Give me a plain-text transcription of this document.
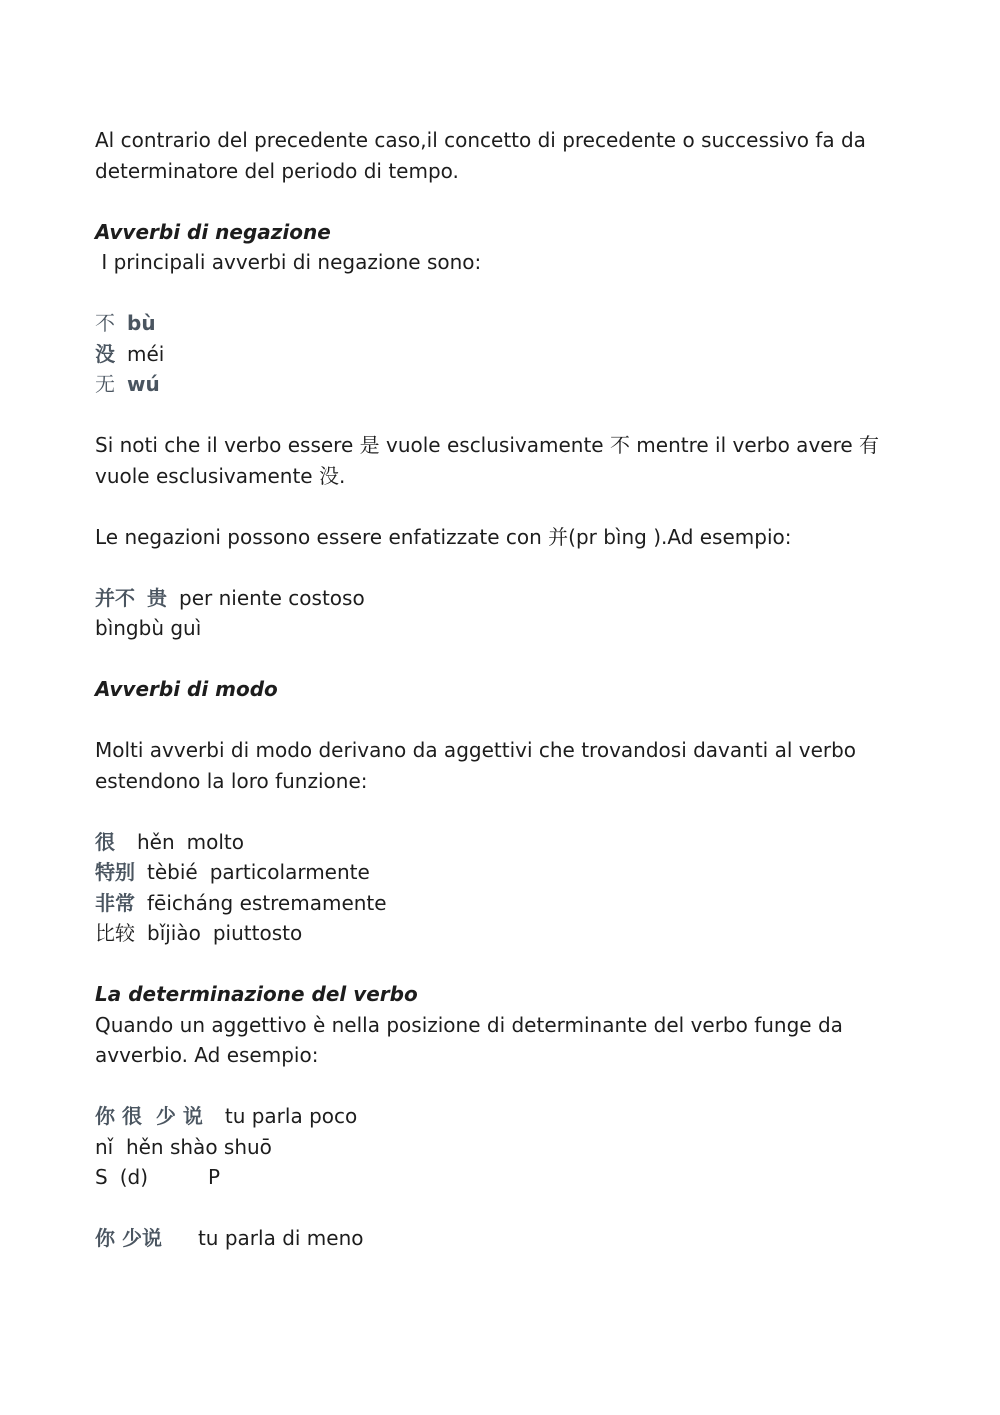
Al contrario del precedente caso,il concetto di precedente o successivo fa da

determinatore del periodo di tempo.

Avverbi di negazione

I principali avverbi di negazione sono:

不 bù

没 méi

无 wú

Si noti che il verbo essere 是 vuole esclusivamente 不 mentre il verbo avere 有

vuole esclusivamente 没.

Le negazioni possono essere enfatizzate con 并(pr bìng ).Ad esempio:

并不 贵 per niente costoso

bìngbù guì

Avverbi di modo

Molti avverbi di modo derivano da aggettivi che trovandosi davanti al verbo

estendono la loro funzione:

很 hěn molto

特别 tèbié particolarmente

非常 fēicháng estremamente

比较 bǐjiào piuttosto

La determinazione del verbo

Quando un aggettivo è nella posizione di determinante del verbo funge da

avverbio. Ad esempio:

你 很  少 说 tu parla poco

nǐ  hěn shào shuō

S (d)	P

你 少说 tu parla di meno
